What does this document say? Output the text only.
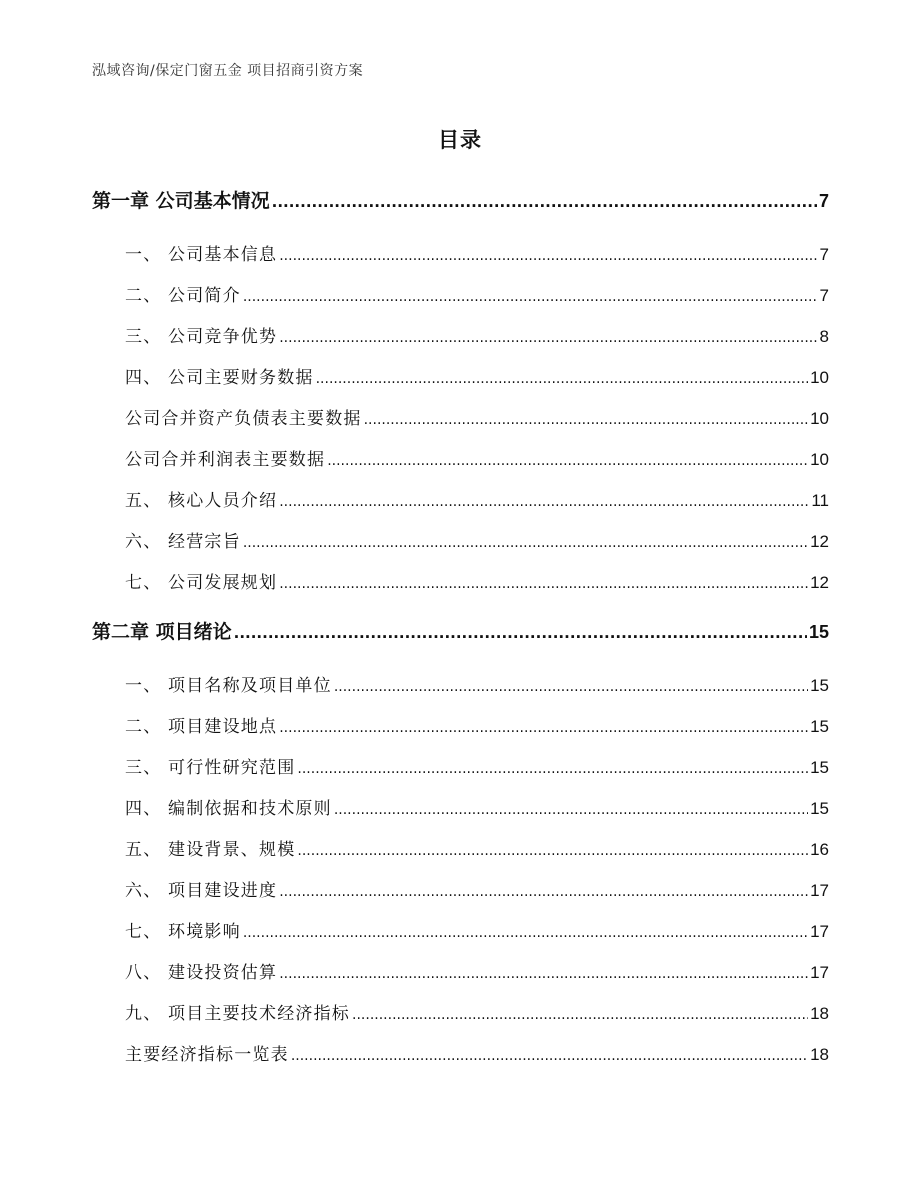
泓域咨询/保定门窗五金 项目招商引资方案
目录
第一章 公司基本情况 .....	7
一、 公司基本信息 .....	7
二、 公司简介 .....	7
三、 公司竞争优势 .....	8
四、 公司主要财务数据 .....	10
公司合并资产负债表主要数据 .....	10
公司合并利润表主要数据 .....	10
五、 核心人员介绍 .....	11
六、 经营宗旨 .....	12
七、 公司发展规划 .....	12
第二章 项目绪论 .....	15
一、 项目名称及项目单位 .....	15
二、 项目建设地点 .....	15
三、 可行性研究范围 .....	15
四、 编制依据和技术原则 .....	15
五、 建设背景、规模 .....	16
六、 项目建设进度 .....	17
七、 环境影响 .....	17
八、 建设投资估算 .....	17
九、 项目主要技术经济指标 .....	18
主要经济指标一览表 .....	18
